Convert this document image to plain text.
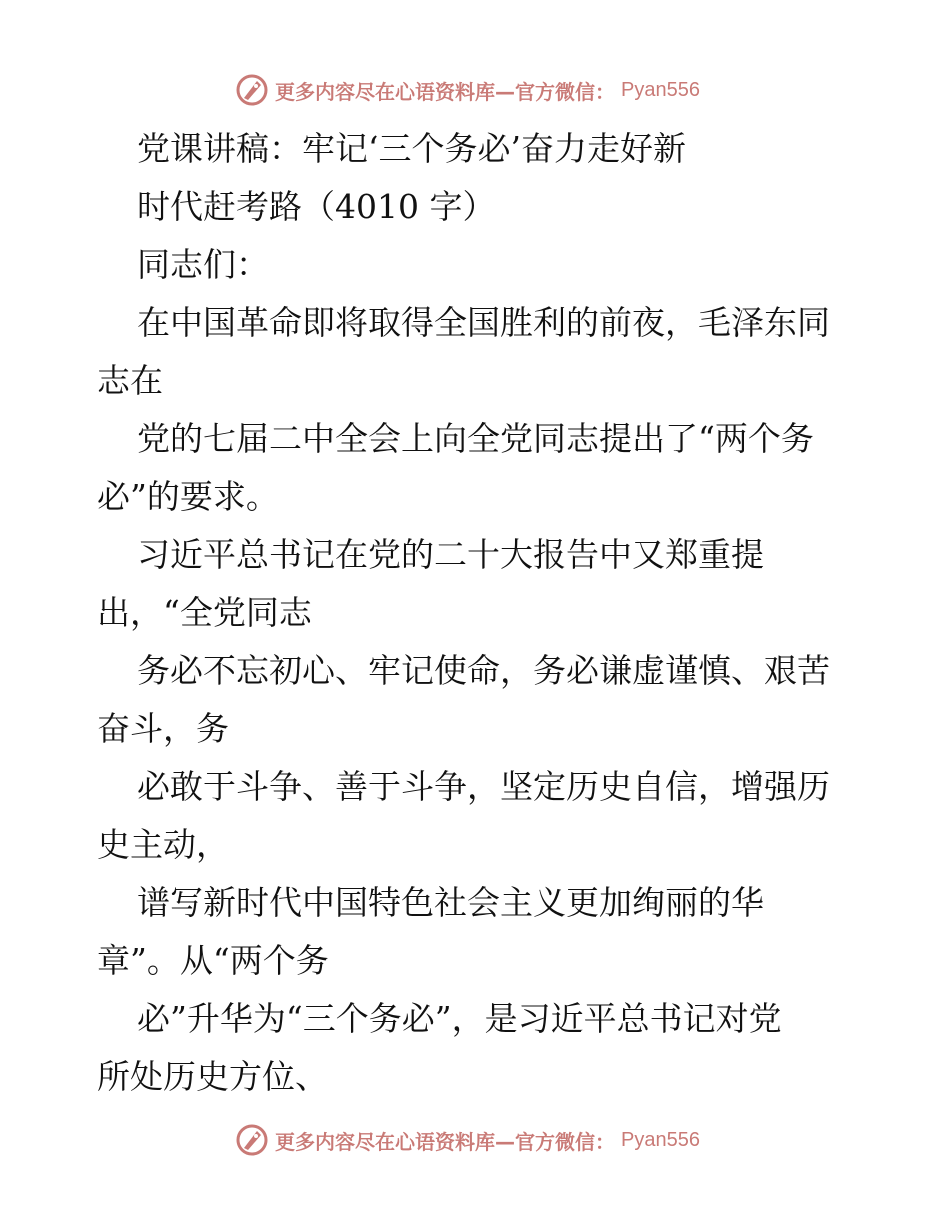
更多内容尽在心语资料库—官方微信： Pyan556
党课讲稿：牢记‘三个务必’奋力走好新
时代赶考路（4010 字）
同志们：
在中国革命即将取得全国胜利的前夜，毛泽东同
志在
党的七届二中全会上向全党同志提出了“两个务
必”的要求。
习近平总书记在党的二十大报告中又郑重提
出，“全党同志
务必不忘初心、牢记使命，务必谦虚谨慎、艰苦
奋斗，务
必敢于斗争、善于斗争，坚定历史自信，增强历
史主动，
谱写新时代中国特色社会主义更加绚丽的华
章”。从“两个务
必”升华为“三个务必”，是习近平总书记对党
所处历史方位、
更多内容尽在心语资料库—官方微信： Pyan556
